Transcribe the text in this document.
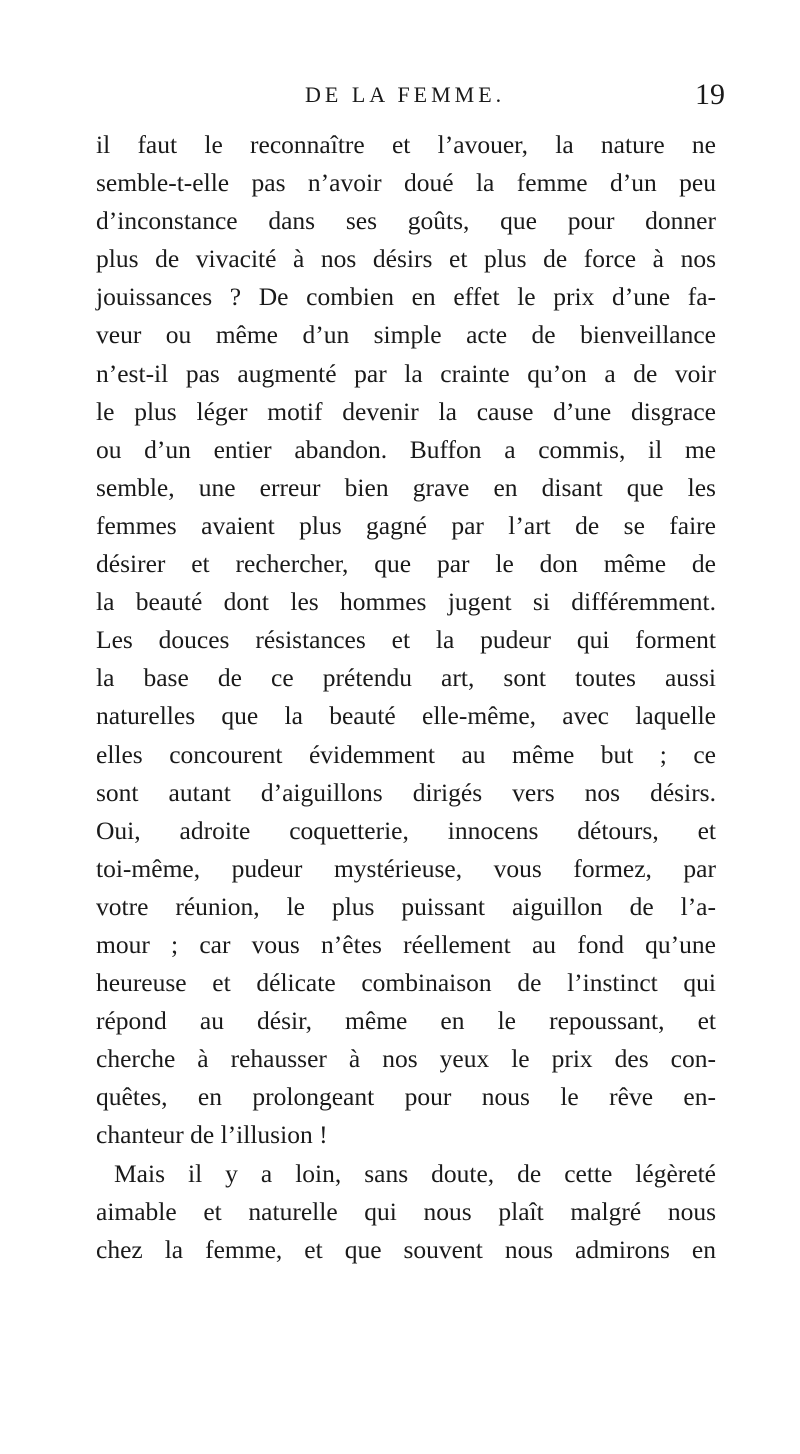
DE LA FEMME.	19
il faut le reconnaître et l’avouer, la nature ne
semble-t-elle pas n’avoir doué la femme d’un peu
d’inconstance dans ses goûts, que pour donner
plus de vivacité à nos désirs et plus de force à nos
jouissances ? De combien en effet le prix d’une fa-
veur ou même d’un simple acte de bienveillance
n’est-il pas augmenté par la crainte qu’on a de voir
le plus léger motif devenir la cause d’une disgrace
ou d’un entier abandon. Buffon a commis, il me
semble, une erreur bien grave en disant que les
femmes avaient plus gagné par l’art de se faire
désirer et rechercher, que par le don même de
la beauté dont les hommes jugent si différemment.
Les douces résistances et la pudeur qui forment
la base de ce prétendu art, sont toutes aussi
naturelles que la beauté elle-même, avec laquelle
elles concourent évidemment au même but ; ce
sont autant d’aiguillons dirigés vers nos désirs.
Oui, adroite coquetterie, innocens détours, et
toi-même, pudeur mystérieuse, vous formez, par
votre réunion, le plus puissant aiguillon de l’a-
mour ; car vous n’êtes réellement au fond qu’une
heureuse et délicate combinaison de l’instinct qui
répond au désir, même en le repoussant, et
cherche à rehausser à nos yeux le prix des con-
quêtes, en prolongeant pour nous le rêve en-
chanteur de l’illusion !
Mais il y a loin, sans doute, de cette légèreté
aimable et naturelle qui nous plaît malgré nous
chez la femme, et que souvent nous admirons en
